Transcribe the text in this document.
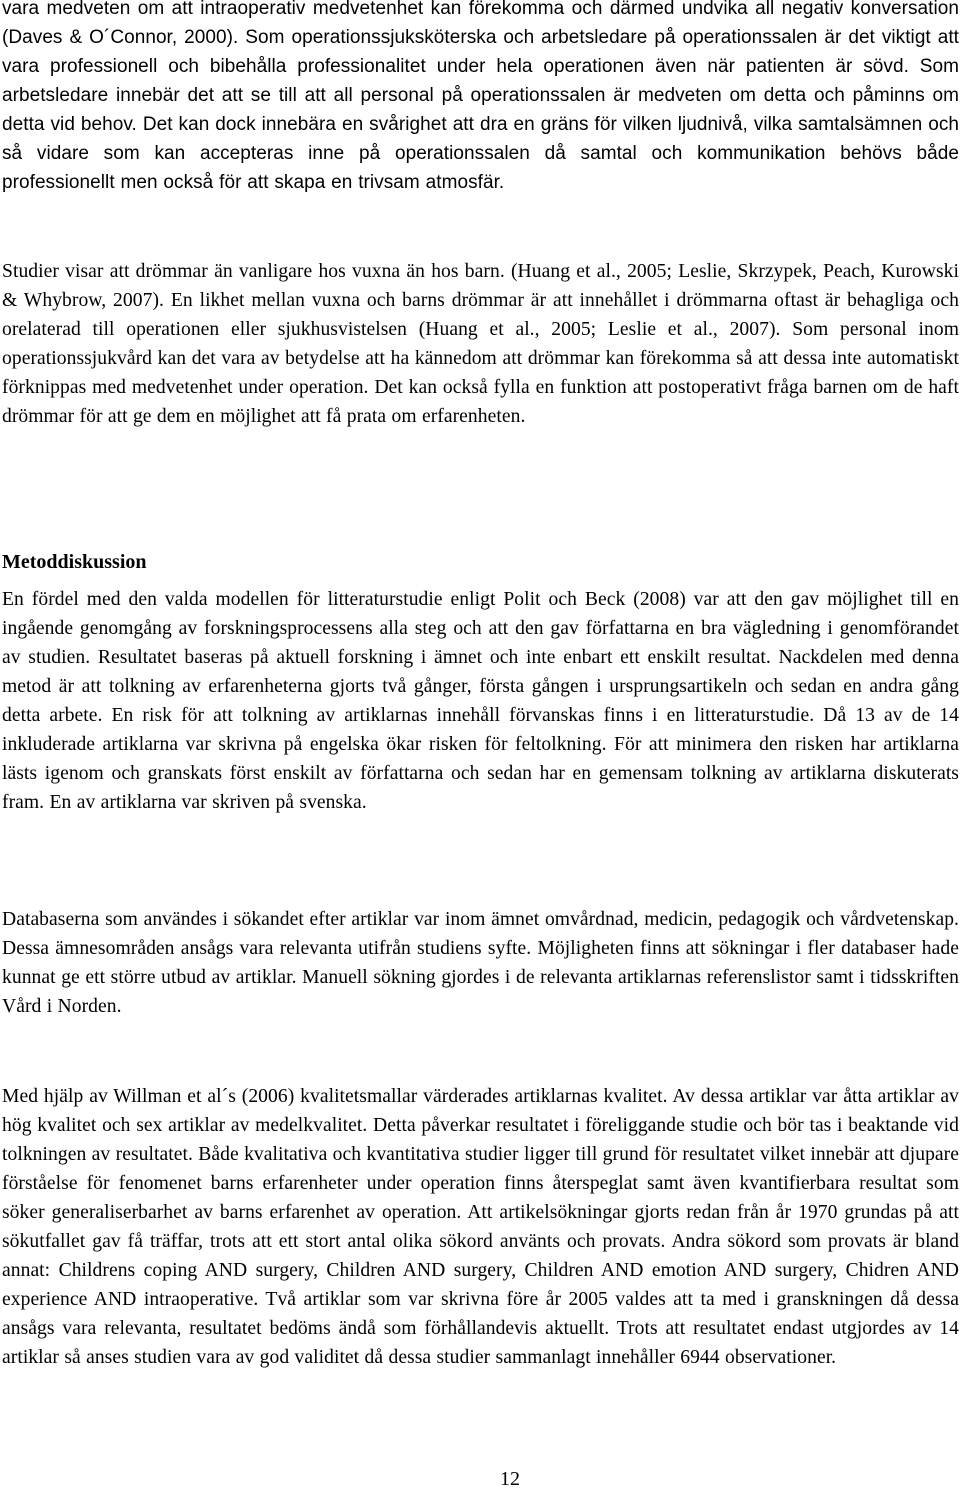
vara medveten om att intraoperativ medvetenhet kan förekomma och därmed undvika all negativ konversation (Daves & O´Connor, 2000). Som operationssjuksköterska och arbetsledare på operationssalen är det viktigt att vara professionell och bibehålla professionalitet under hela operationen även när patienten är sövd. Som arbetsledare innebär det att se till att all personal på operationssalen är medveten om detta och påminns om detta vid behov. Det kan dock innebära en svårighet att dra en gräns för vilken ljudnivå, vilka samtalsämnen och så vidare som kan accepteras inne på operationssalen då samtal och kommunikation behövs både professionellt men också för att skapa en trivsam atmosfär.

Studier visar att drömmar än vanligare hos vuxna än hos barn. (Huang et al., 2005; Leslie, Skrzypek, Peach, Kurowski & Whybrow, 2007). En likhet mellan vuxna och barns drömmar är att innehållet i drömmarna oftast är behagliga och orelaterad till operationen eller sjukhusvistelsen (Huang et al., 2005; Leslie et al., 2007). Som personal inom operationssjukvård kan det vara av betydelse att ha kännedom att drömmar kan förekomma så att dessa inte automatiskt förknippas med medvetenhet under operation. Det kan också fylla en funktion att postoperativt fråga barnen om de haft drömmar för att ge dem en möjlighet att få prata om erfarenheten.

Metoddiskussion

En fördel med den valda modellen för litteraturstudie enligt Polit och Beck (2008) var att den gav möjlighet till en ingående genomgång av forskningsprocessens alla steg och att den gav författarna en bra vägledning i genomförandet av studien. Resultatet baseras på aktuell forskning i ämnet och inte enbart ett enskilt resultat. Nackdelen med denna metod är att tolkning av erfarenheterna gjorts två gånger, första gången i ursprungsartikeln och sedan en andra gång detta arbete. En risk för att tolkning av artiklarnas innehåll förvanskas finns i en litteraturstudie. Då 13 av de 14 inkluderade artiklarna var skrivna på engelska ökar risken för feltolkning. För att minimera den risken har artiklarna lästs igenom och granskats först enskilt av författarna och sedan har en gemensam tolkning av artiklarna diskuterats fram. En av artiklarna var skriven på svenska.

Databaserna som användes i sökandet efter artiklar var inom ämnet omvårdnad, medicin, pedagogik och vårdvetenskap. Dessa ämnesområden ansågs vara relevanta utifrån studiens syfte. Möjligheten finns att sökningar i fler databaser hade kunnat ge ett större utbud av artiklar. Manuell sökning gjordes i de relevanta artiklarnas referenslistor samt i tidsskriften Vård i Norden.

Med hjälp av Willman et al´s (2006) kvalitetsmallar värderades artiklarnas kvalitet. Av dessa artiklar var åtta artiklar av hög kvalitet och sex artiklar av medelkvalitet. Detta påverkar resultatet i föreliggande studie och bör tas i beaktande vid tolkningen av resultatet. Både kvalitativa och kvantitativa studier ligger till grund för resultatet vilket innebär att djupare förståelse för fenomenet barns erfarenheter under operation finns återspeglat samt även kvantifierbara resultat som söker generaliserbarhet av barns erfarenhet av operation. Att artikelsökningar gjorts redan från år 1970 grundas på att sökutfallet gav få träffar, trots att ett stort antal olika sökord använts och provats. Andra sökord som provats är bland annat: Childrens coping AND surgery, Children AND surgery, Children AND emotion AND surgery, Chidren AND experience AND intraoperative. Två artiklar som var skrivna före år 2005 valdes att ta med i granskningen då dessa ansågs vara relevanta, resultatet bedöms ändå som förhållandevis aktuellt. Trots att resultatet endast utgjordes av 14 artiklar så anses studien vara av god validitet då dessa studier sammanlagt innehåller 6944 observationer.

12
